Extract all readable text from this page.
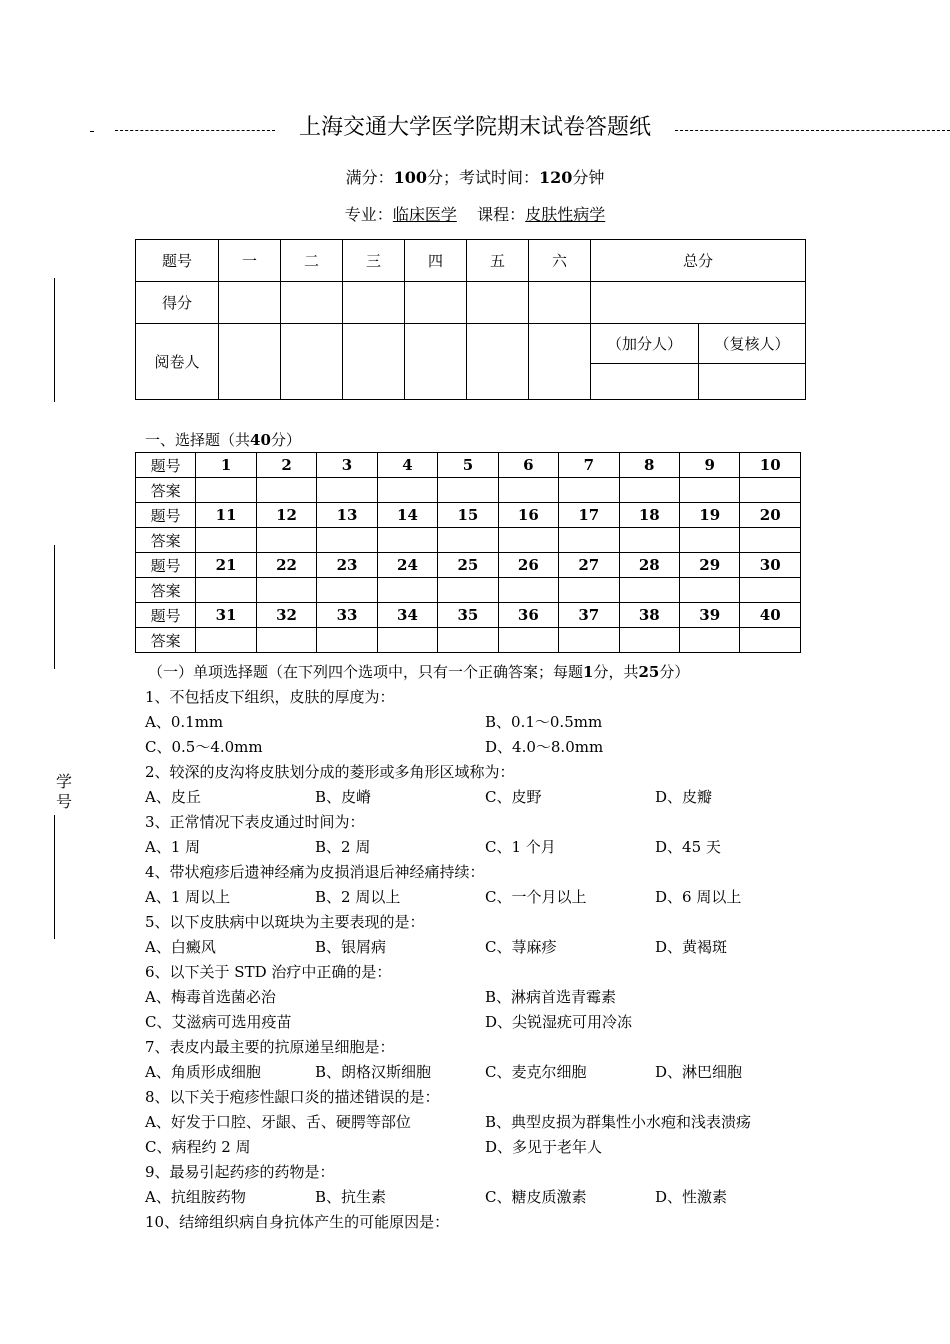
学号
上海交通大学医学院期末试卷答题纸
满分：100分；考试时间：120分钟
专业：临床医学 课程：皮肤性病学
题号	一	二	三	四	五	六	总分	
得分								
阅卷人							（加分人）	（复核人）

一、选择题（共40分）
题号	1	2	3	4	5	6	7	8	9	10
答案										
题号	11	12	13	14	15	16	17	18	19	20
答案										
题号	21	22	23	24	25	26	27	28	29	30
答案										
题号	31	32	33	34	35	36	37	38	39	40
答案										
（一）单项选择题（在下列四个选项中，只有一个正确答案；每题1分，共25分）
1、不包括皮下组织，皮肤的厚度为：
A、0.1mm	B、0.1～0.5mm
C、0.5～4.0mm	D、4.0～8.0mm
2、较深的皮沟将皮肤划分成的菱形或多角形区域称为：
A、皮丘	B、皮嵴	C、皮野	D、皮瓣
3、正常情况下表皮通过时间为：
A、1 周	B、2 周	C、1 个月	D、45 天
4、带状疱疹后遗神经痛为皮损消退后神经痛持续：
A、1 周以上	B、2 周以上	C、一个月以上	D、6 周以上
5、以下皮肤病中以斑块为主要表现的是：
A、白癜风	B、银屑病	C、荨麻疹	D、黄褐斑
6、以下关于 STD 治疗中正确的是：
A、梅毒首选菌必治	B、淋病首选青霉素
C、艾滋病可选用疫苗	D、尖锐湿疣可用冷冻
7、表皮内最主要的抗原递呈细胞是：
A、角质形成细胞	B、朗格汉斯细胞	C、麦克尔细胞	D、淋巴细胞
8、以下关于疱疹性龈口炎的描述错误的是：
A、好发于口腔、牙龈、舌、硬腭等部位	B、典型皮损为群集性小水疱和浅表溃疡
C、病程约 2 周	D、多见于老年人
9、最易引起药疹的药物是：
A、抗组胺药物	B、抗生素	C、糖皮质激素	D、性激素
10、结缔组织病自身抗体产生的可能原因是：
